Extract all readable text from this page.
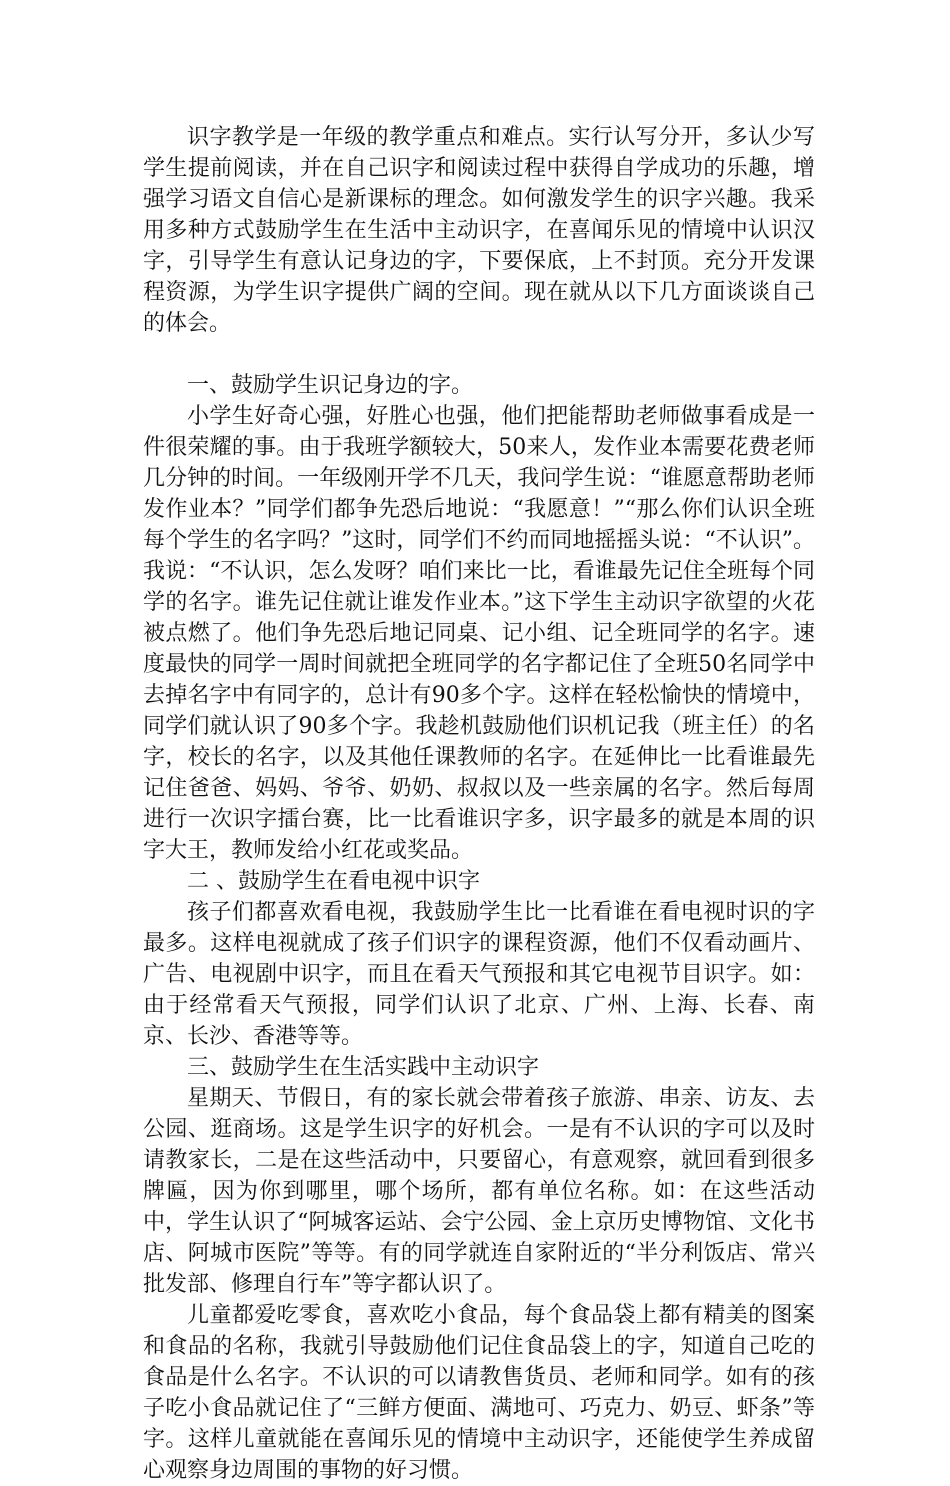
识字教学是一年级的教学重点和难点。实行认写分开，多认少写学生提前阅读，并在自己识字和阅读过程中获得自学成功的乐趣，增强学习语文自信心是新课标的理念。如何激发学生的识字兴趣。我采用多种方式鼓励学生在生活中主动识字，在喜闻乐见的情境中认识汉字，引导学生有意认记身边的字，下要保底，上不封顶。充分开发课程资源，为学生识字提供广阔的空间。现在就从以下几方面谈谈自己的体会。

一、鼓励学生识记身边的字。

小学生好奇心强，好胜心也强，他们把能帮助老师做事看成是一件很荣耀的事。由于我班学额较大，50来人，发作业本需要花费老师几分钟的时间。一年级刚开学不几天，我问学生说：“谁愿意帮助老师发作业本？”同学们都争先恐后地说：“我愿意！”“那么你们认识全班每个学生的名字吗？”这时，同学们不约而同地摇摇头说：“不认识”。我说：“不认识，怎么发呀？咱们来比一比，看谁最先记住全班每个同学的名字。谁先记住就让谁发作业本。”这下学生主动识字欲望的火花被点燃了。他们争先恐后地记同桌、记小组、记全班同学的名字。速度最快的同学一周时间就把全班同学的名字都记住了全班50名同学中去掉名字中有同字的，总计有90多个字。这样在轻松愉快的情境中，同学们就认识了90多个字。我趁机鼓励他们识机记我（班主任）的名字，校长的名字，以及其他任课教师的名字。在延伸比一比看谁最先记住爸爸、妈妈、爷爷、奶奶、叔叔以及一些亲属的名字。然后每周进行一次识字擂台赛，比一比看谁识字多，识字最多的就是本周的识字大王，教师发给小红花或奖品。

二 、鼓励学生在看电视中识字

孩子们都喜欢看电视，我鼓励学生比一比看谁在看电视时识的字最多。这样电视就成了孩子们识字的课程资源，他们不仅看动画片、广告、电视剧中识字，而且在看天气预报和其它电视节目识字。如：由于经常看天气预报，同学们认识了北京、广州、上海、长春、南京、长沙、香港等等。

三、鼓励学生在生活实践中主动识字

星期天、节假日，有的家长就会带着孩子旅游、串亲、访友、去公园、逛商场。这是学生识字的好机会。一是有不认识的字可以及时请教家长，二是在这些活动中，只要留心，有意观察，就回看到很多牌匾，因为你到哪里，哪个场所，都有单位名称。如：在这些活动中，学生认识了“阿城客运站、会宁公园、金上京历史博物馆、文化书店、阿城市医院”等等。有的同学就连自家附近的“半分利饭店、常兴批发部、修理自行车”等字都认识了。

儿童都爱吃零食，喜欢吃小食品，每个食品袋上都有精美的图案和食品的名称，我就引导鼓励他们记住食品袋上的字，知道自己吃的食品是什么名字。不认识的可以请教售货员、老师和同学。如有的孩子吃小食品就记住了“三鲜方便面、满地可、巧克力、奶豆、虾条”等字。这样儿童就能在喜闻乐见的情境中主动识字，还能使学生养成留心观察身边周围的事物的好习惯。
